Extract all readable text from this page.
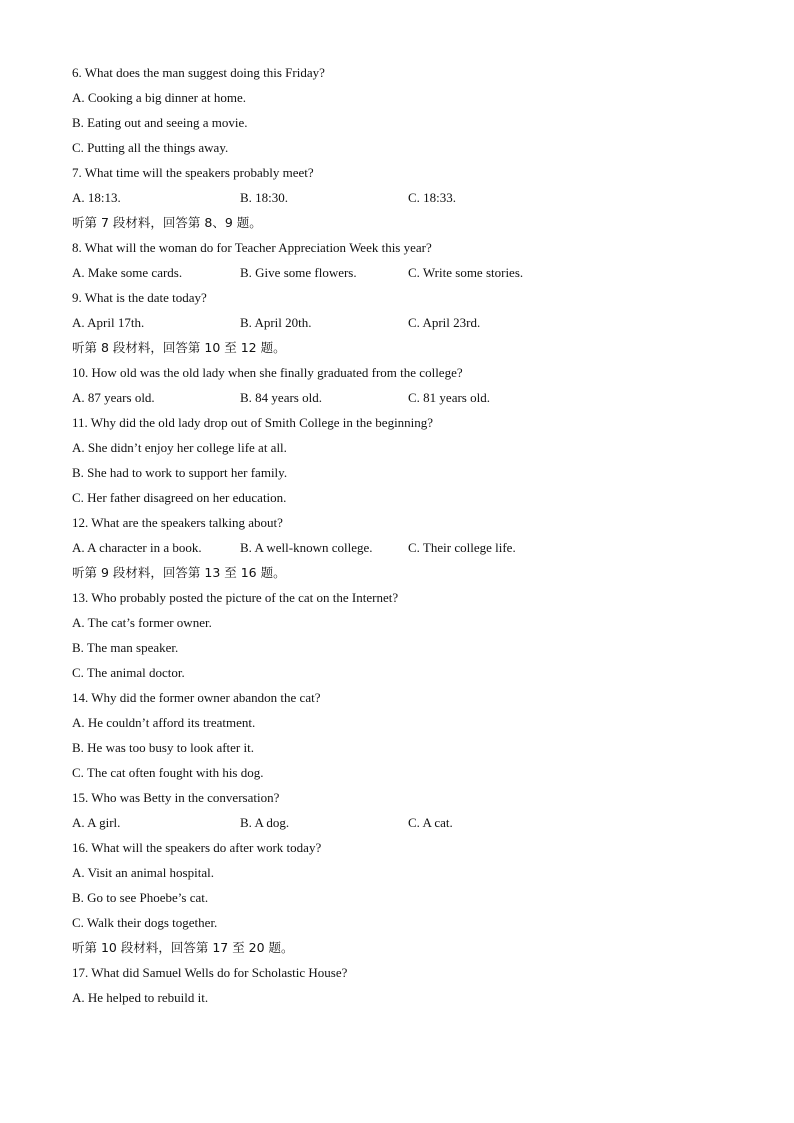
6. What does the man suggest doing this Friday?
A. Cooking a big dinner at home.
B. Eating out and seeing a movie.
C. Putting all the things away.
7. What time will the speakers probably meet?
A. 18:13.	B. 18:30.	C. 18:33.
听第 7 段材料，回答第 8、9 题。
8. What will the woman do for Teacher Appreciation Week this year?
A. Make some cards.	B. Give some flowers.	C. Write some stories.
9. What is the date today?
A. April 17th.	B. April 20th.	C. April 23rd.
听第 8 段材料，回答第 10 至 12 题。
10. How old was the old lady when she finally graduated from the college?
A. 87 years old.	B. 84 years old.	C. 81 years old.
11. Why did the old lady drop out of Smith College in the beginning?
A. She didn’t enjoy her college life at all.
B. She had to work to support her family.
C. Her father disagreed on her education.
12. What are the speakers talking about?
A. A character in a book.	B. A well-known college.	C. Their college life.
听第 9 段材料，回答第 13 至 16 题。
13. Who probably posted the picture of the cat on the Internet?
A. The cat’s former owner.
B. The man speaker.
C. The animal doctor.
14. Why did the former owner abandon the cat?
A. He couldn’t afford its treatment.
B. He was too busy to look after it.
C. The cat often fought with his dog.
15. Who was Betty in the conversation?
A. A girl.	B. A dog.	C. A cat.
16. What will the speakers do after work today?
A. Visit an animal hospital.
B. Go to see Phoebe’s cat.
C. Walk their dogs together.
听第 10 段材料，回答第 17 至 20 题。
17. What did Samuel Wells do for Scholastic House?
A. He helped to rebuild it.
